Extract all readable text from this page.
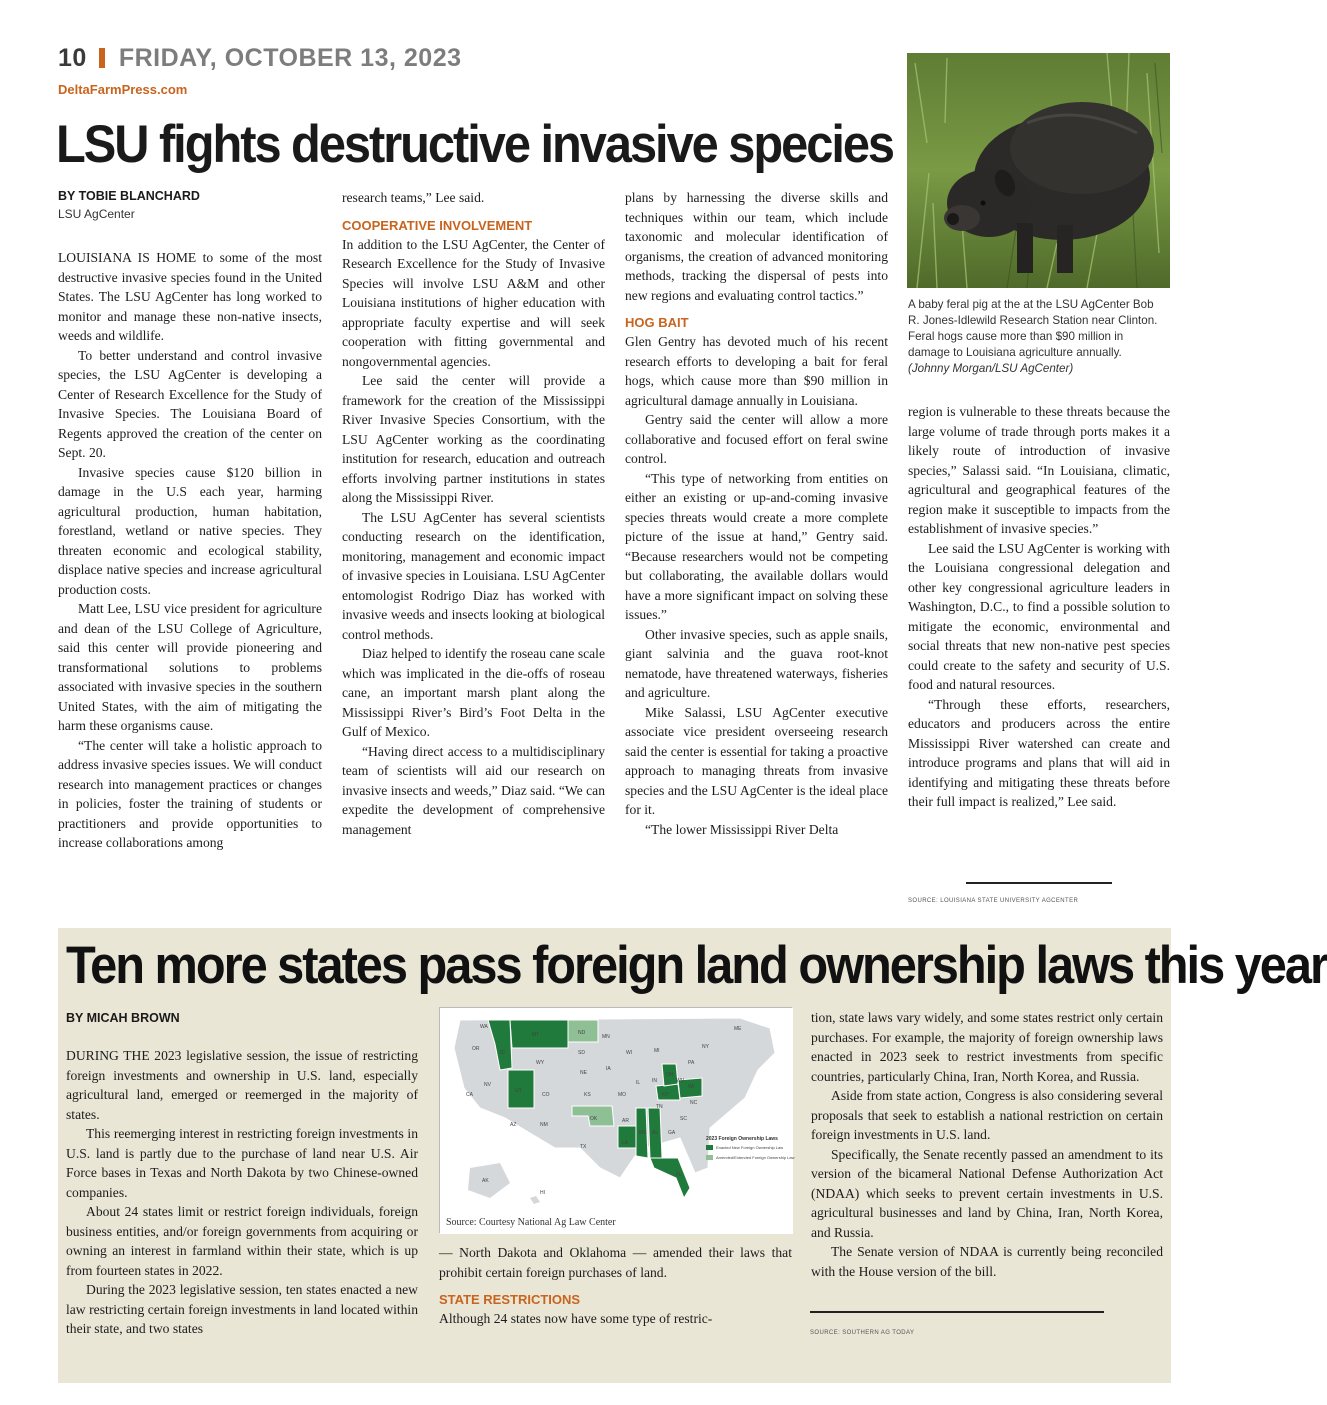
10 FRIDAY, OCTOBER 13, 2023
DeltaFarmPress.com
LSU fights destructive invasive species
BY TOBIE BLANCHARD
LSU AgCenter

LOUISIANA IS HOME to some of the most destructive invasive species found in the United States. The LSU AgCenter has long worked to monitor and manage these non-native insects, weeds and wildlife.

To better understand and control invasive species, the LSU AgCenter is developing a Center of Research Excellence for the Study of Invasive Species. The Louisiana Board of Regents approved the creation of the center on Sept. 20.

Invasive species cause $120 billion in damage in the U.S each year, harming agricultural production, human habitation, forestland, wetland or native species. They threaten economic and ecological stability, displace native species and increase agricultural production costs.

Matt Lee, LSU vice president for agriculture and dean of the LSU College of Agriculture, said this center will provide pioneering and transformational solutions to problems associated with invasive species in the southern United States, with the aim of mitigating the harm these organisms cause.

“The center will take a holistic approach to address invasive species issues. We will conduct research into management practices or changes in policies, foster the training of students or practitioners and provide opportunities to increase collaborations among

research teams,” Lee said.

COOPERATIVE INVOLVEMENT

In addition to the LSU AgCenter, the Center of Research Excellence for the Study of Invasive Species will involve LSU A&M and other Louisiana institutions of higher education with appropriate faculty expertise and will seek cooperation with fitting governmental and nongovernmental agencies.

Lee said the center will provide a framework for the creation of the Mississippi River Invasive Species Consortium, with the LSU AgCenter working as the coordinating institution for research, education and outreach efforts involving partner institutions in states along the Mississippi River.

The LSU AgCenter has several scientists conducting research on the identification, monitoring, management and economic impact of invasive species in Louisiana. LSU AgCenter entomologist Rodrigo Diaz has worked with invasive weeds and insects looking at biological control methods.

Diaz helped to identify the roseau cane scale which was implicated in the die-offs of roseau cane, an important marsh plant along the Mississippi River’s Bird’s Foot Delta in the Gulf of Mexico.

“Having direct access to a multidisciplinary team of scientists will aid our research on invasive insects and weeds,” Diaz said. “We can expedite the development of comprehensive management

plans by harnessing the diverse skills and techniques within our team, which include taxonomic and molecular identification of organisms, the creation of advanced monitoring methods, tracking the dispersal of pests into new regions and evaluating control tactics.”

HOG BAIT

Glen Gentry has devoted much of his recent research efforts to developing a bait for feral hogs, which cause more than $90 million in agricultural damage annually in Louisiana.

Gentry said the center will allow a more collaborative and focused effort on feral swine control.

“This type of networking from entities on either an existing or up-and-coming invasive species threats would create a more complete picture of the issue at hand,” Gentry said. “Because researchers would not be competing but collaborating, the available dollars would have a more significant impact on solving these issues.”

Other invasive species, such as apple snails, giant salvinia and the guava root-knot nematode, have threatened waterways, fisheries and agriculture.

Mike Salassi, LSU AgCenter executive associate vice president overseeing research said the center is essential for taking a proactive approach to managing threats from invasive species and the LSU AgCenter is the ideal place for it.

“The lower Mississippi River Delta

A baby feral pig at the at the LSU AgCenter Bob R. Jones-Idlewild Research Station near Clinton. Feral hogs cause more than $90 million in damage to Louisiana agriculture annually.
(Johnny Morgan/LSU AgCenter)

region is vulnerable to these threats because the large volume of trade through ports makes it a likely route of introduction of invasive species,” Salassi said. “In Louisiana, climatic, agricultural and geographical features of the region make it susceptible to impacts from the establishment of invasive species.”

Lee said the LSU AgCenter is working with the Louisiana congressional delegation and other key congressional agriculture leaders in Washington, D.C., to find a possible solution to mitigate the economic, environmental and social threats that new non-native pest species could create to the safety and security of U.S. food and natural resources.

“Through these efforts, researchers, educators and producers across the entire Mississippi River watershed can create and introduce programs and plans that will aid in identifying and mitigating these threats before their full impact is realized,” Lee said.

SOURCE: LOUISIANA STATE UNIVERSITY AGCENTER
Ten more states pass foreign land ownership laws this year
BY MICAH BROWN

DURING THE 2023 legislative session, the issue of restricting foreign investments and ownership in U.S. land, especially agricultural land, emerged or reemerged in the majority of states.

This reemerging interest in restricting foreign investments in U.S. land is partly due to the purchase of land near U.S. Air Force bases in Texas and North Dakota by two Chinese-owned companies.

About 24 states limit or restrict foreign individuals, foreign business entities, and/or foreign governments from acquiring or owning an interest in farmland within their state, which is up from fourteen states in 2022.

During the 2023 legislative session, ten states enacted a new law restricting certain foreign investments in land located within their state, and two states

WA
OR
CA
NV
ID
MT
WY
UT
AZ
CO
NM
ND
SD
NE
KS
OK
TX
MN
IA
MO
AR
LA
WI
IL
MI
IN
OH
KY
TN
MS AL GA
FL
SC
NC
VA
WV
PA
NY
ME
AK
HI
2023 Foreign Ownership Laws
Enacted New Foreign Ownership Law
Amended/Extended Foreign Ownership Law
Source: Courtesy National Ag Law Center

— North Dakota and Oklahoma — amended their laws that prohibit certain foreign purchases of land.

STATE RESTRICTIONS

Although 24 states now have some type of restric-

tion, state laws vary widely, and some states restrict only certain purchases. For example, the majority of foreign ownership laws enacted in 2023 seek to restrict investments from specific countries, particularly China, Iran, North Korea, and Russia.

Aside from state action, Congress is also considering several proposals that seek to establish a national restriction on certain foreign investments in U.S. land.

Specifically, the Senate recently passed an amendment to its version of the bicameral National Defense Authorization Act (NDAA) which seeks to prevent certain investments in U.S. agricultural businesses and land by China, Iran, North Korea, and Russia.

The Senate version of NDAA is currently being reconciled with the House version of the bill.

SOURCE: SOUTHERN AG TODAY
